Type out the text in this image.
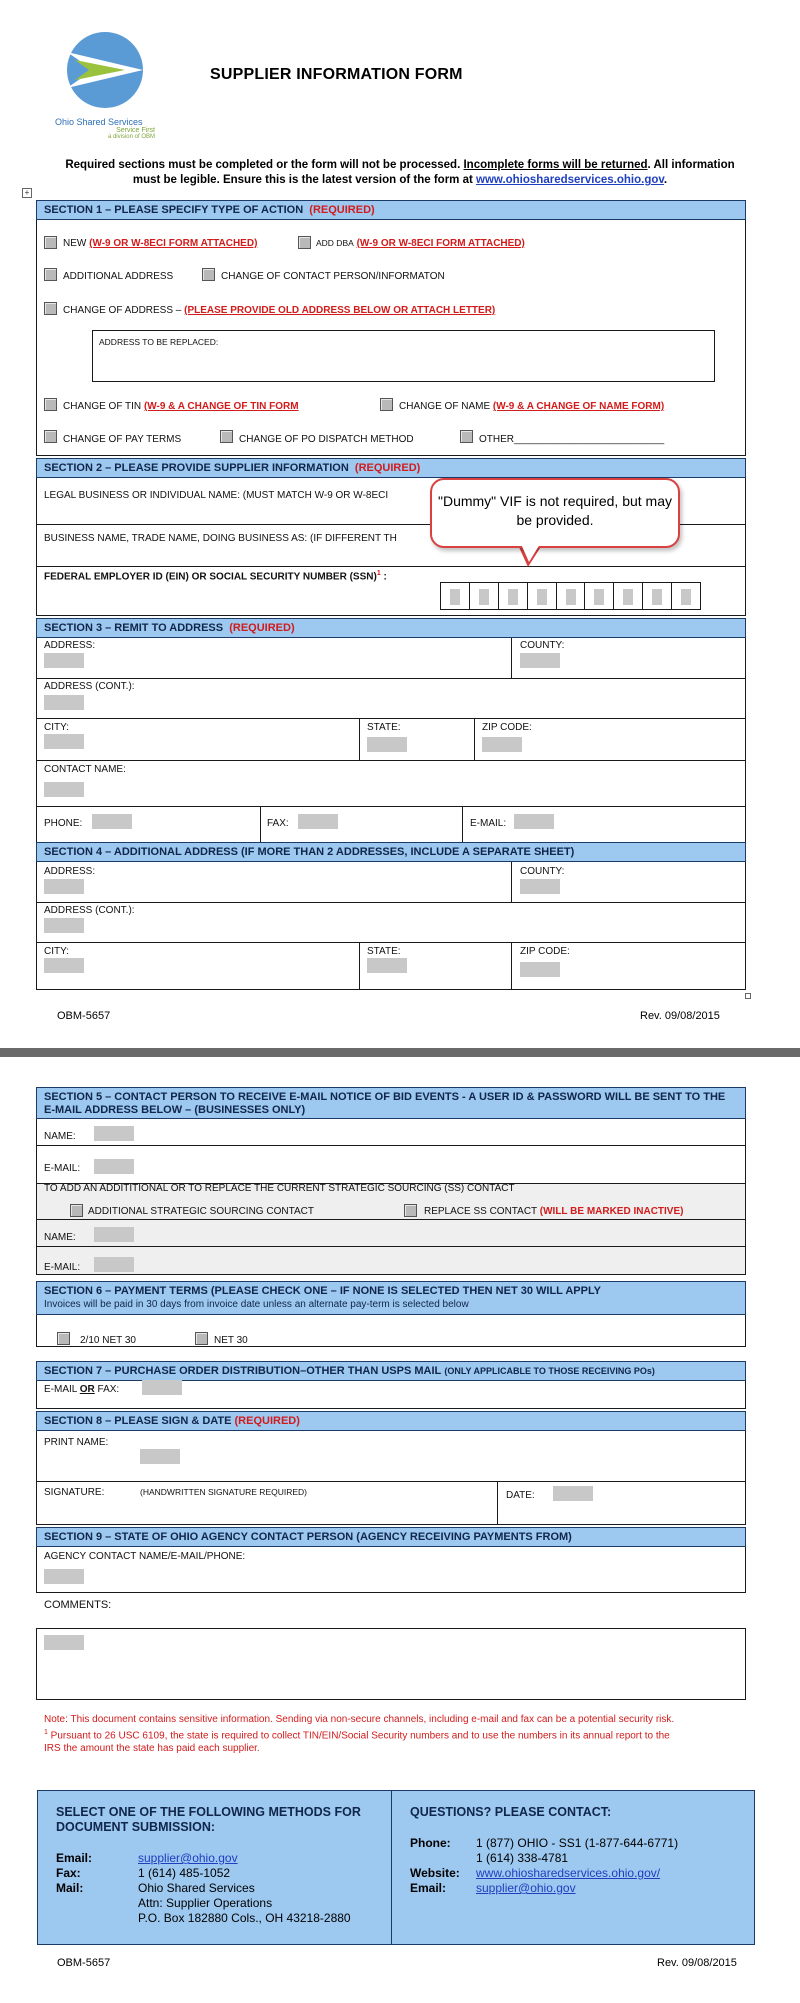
Ohio Shared Services
Service First
a division of OBM
SUPPLIER INFORMATION FORM
Required sections must be completed or the form will not be processed. Incomplete forms will be returned. All information
must be legible. Ensure this is the latest version of the form at www.ohiosharedservices.ohio.gov.
+
SECTION 1 – PLEASE SPECIFY TYPE OF ACTION (REQUIRED)
NEW (W-9 OR W-8ECI FORM ATTACHED)	ADD DBA (W-9 OR W-8ECI FORM ATTACHED)
ADDITIONAL ADDRESS	CHANGE OF CONTACT PERSON/INFORMATON
CHANGE OF ADDRESS – (PLEASE PROVIDE OLD ADDRESS BELOW OR ATTACH LETTER)
ADDRESS TO BE REPLACED:
CHANGE OF TIN (W-9 & A CHANGE OF TIN FORM	CHANGE OF NAME (W-9 & A CHANGE OF NAME FORM)
CHANGE OF PAY TERMS	CHANGE OF PO DISPATCH METHOD	OTHER___________________________
SECTION 2 – PLEASE PROVIDE SUPPLIER INFORMATION (REQUIRED)
LEGAL BUSINESS OR INDIVIDUAL NAME: (MUST MATCH W-9 OR W-8ECI
BUSINESS NAME, TRADE NAME, DOING BUSINESS AS: (IF DIFFERENT TH
FEDERAL EMPLOYER ID (EIN) OR SOCIAL SECURITY NUMBER (SSN)$^1$ :
"Dummy" VIF is not required, but may be provided.
SECTION 3 – REMIT TO ADDRESS (REQUIRED)
ADDRESS:	COUNTY:
ADDRESS (CONT.):
CITY:	STATE:	ZIP CODE:
CONTACT NAME:
PHONE:	FAX:	E-MAIL:
SECTION 4 – ADDITIONAL ADDRESS (IF MORE THAN 2 ADDRESSES, INCLUDE A SEPARATE SHEET)
ADDRESS:	COUNTY:
ADDRESS (CONT.):
CITY:	STATE:	ZIP CODE:
OBM-5657	Rev. 09/08/2015
SECTION 5 – CONTACT PERSON TO RECEIVE E-MAIL NOTICE OF BID EVENTS - A USER ID & PASSWORD WILL BE SENT TO THE E-MAIL ADDRESS BELOW – (BUSINESSES ONLY)
NAME:
E-MAIL:
TO ADD AN ADDITITIONAL OR TO REPLACE THE CURRENT STRATEGIC SOURCING (SS) CONTACT
ADDITIONAL STRATEGIC SOURCING CONTACT	REPLACE SS CONTACT (WILL BE MARKED INACTIVE)
NAME:
E-MAIL:
SECTION 6 – PAYMENT TERMS (PLEASE CHECK ONE – IF NONE IS SELECTED THEN NET 30 WILL APPLY
Invoices will be paid in 30 days from invoice date unless an alternate pay-term is selected below
2/10 NET 30	NET 30
SECTION 7 – PURCHASE ORDER DISTRIBUTION–OTHER THAN USPS MAIL (ONLY APPLICABLE TO THOSE RECEIVING POs)
E-MAIL OR FAX:
SECTION 8 – PLEASE SIGN & DATE (REQUIRED)
PRINT NAME:
SIGNATURE:	(HANDWRITTEN SIGNATURE REQUIRED)	DATE:
SECTION 9 – STATE OF OHIO AGENCY CONTACT PERSON (AGENCY RECEIVING PAYMENTS FROM)
AGENCY CONTACT NAME/E-MAIL/PHONE:
COMMENTS:
Note: This document contains sensitive information. Sending via non-secure channels, including e-mail and fax can be a potential security risk.
$^1$ Pursuant to 26 USC 6109, the state is required to collect TIN/EIN/Social Security numbers and to use the numbers in its annual report to the
IRS the amount the state has paid each supplier.
SELECT ONE OF THE FOLLOWING METHODS FOR DOCUMENT SUBMISSION:
Email:	supplier@ohio.gov
Fax:	1 (614) 485-1052
Mail:	Ohio Shared Services
Attn: Supplier Operations
P.O. Box 182880 Cols., OH 43218-2880
QUESTIONS? PLEASE CONTACT:
Phone: 1 (877) OHIO - SS1 (1-877-644-6771)
1 (614) 338-4781
Website: www.ohiosharedservices.ohio.gov/
Email: supplier@ohio.gov
OBM-5657	Rev. 09/08/2015
